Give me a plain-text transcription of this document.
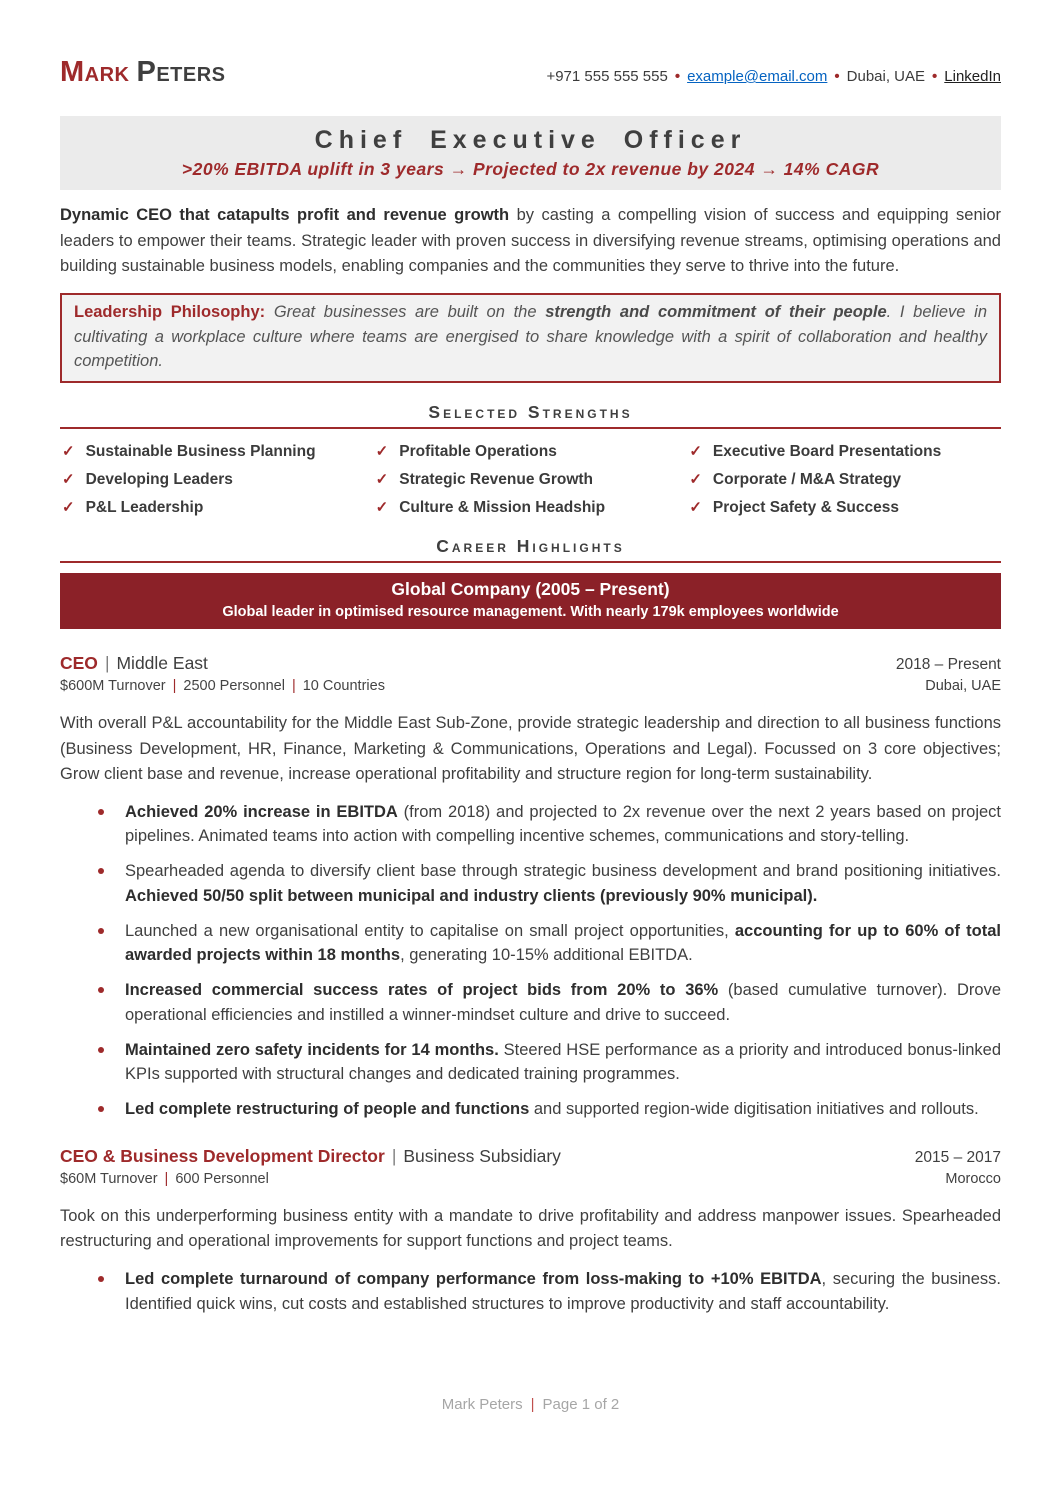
Mark Peters	+971 555 555 555 • example@email.com • Dubai, UAE • LinkedIn
Chief Executive Officer
>20% EBITDA uplift in 3 years → Projected to 2x revenue by 2024 → 14% CAGR

Dynamic CEO that catapults profit and revenue growth by casting a compelling vision of success and equipping senior leaders to empower their teams. Strategic leader with proven success in diversifying revenue streams, optimising operations and building sustainable business models, enabling companies and the communities they serve to thrive into the future.

Leadership Philosophy: Great businesses are built on the strength and commitment of their people. I believe in cultivating a workplace culture where teams are energised to share knowledge with a spirit of collaboration and healthy competition.
Selected Strengths
✓ Sustainable Business Planning	✓ Profitable Operations	✓ Executive Board Presentations
✓ Developing Leaders	✓ Strategic Revenue Growth	✓ Corporate / M&A Strategy
✓ P&L Leadership	✓ Culture & Mission Headship	✓ Project Safety & Success
Career Highlights
Global Company (2005 – Present)
Global leader in optimised resource management. With nearly 179k employees worldwide
CEO | Middle East	2018 – Present
$600M Turnover | 2500 Personnel | 10 Countries	Dubai, UAE

With overall P&L accountability for the Middle East Sub-Zone, provide strategic leadership and direction to all business functions (Business Development, HR, Finance, Marketing & Communications, Operations and Legal). Focussed on 3 core objectives; Grow client base and revenue, increase operational profitability and structure region for long-term sustainability.

Achieved 20% increase in EBITDA (from 2018) and projected to 2x revenue over the next 2 years based on project pipelines. Animated teams into action with compelling incentive schemes, communications and story-telling.
Spearheaded agenda to diversify client base through strategic business development and brand positioning initiatives. Achieved 50/50 split between municipal and industry clients (previously 90% municipal).
Launched a new organisational entity to capitalise on small project opportunities, accounting for up to 60% of total awarded projects within 18 months, generating 10-15% additional EBITDA.
Increased commercial success rates of project bids from 20% to 36% (based cumulative turnover). Drove operational efficiencies and instilled a winner-mindset culture and drive to succeed.
Maintained zero safety incidents for 14 months. Steered HSE performance as a priority and introduced bonus-linked KPIs supported with structural changes and dedicated training programmes.
Led complete restructuring of people and functions and supported region-wide digitisation initiatives and rollouts.
CEO & Business Development Director | Business Subsidiary	2015 – 2017
$60M Turnover | 600 Personnel	Morocco

Took on this underperforming business entity with a mandate to drive profitability and address manpower issues. Spearheaded restructuring and operational improvements for support functions and project teams.

Led complete turnaround of company performance from loss-making to +10% EBITDA, securing the business. Identified quick wins, cut costs and established structures to improve productivity and staff accountability.
Mark Peters | Page 1 of 2
